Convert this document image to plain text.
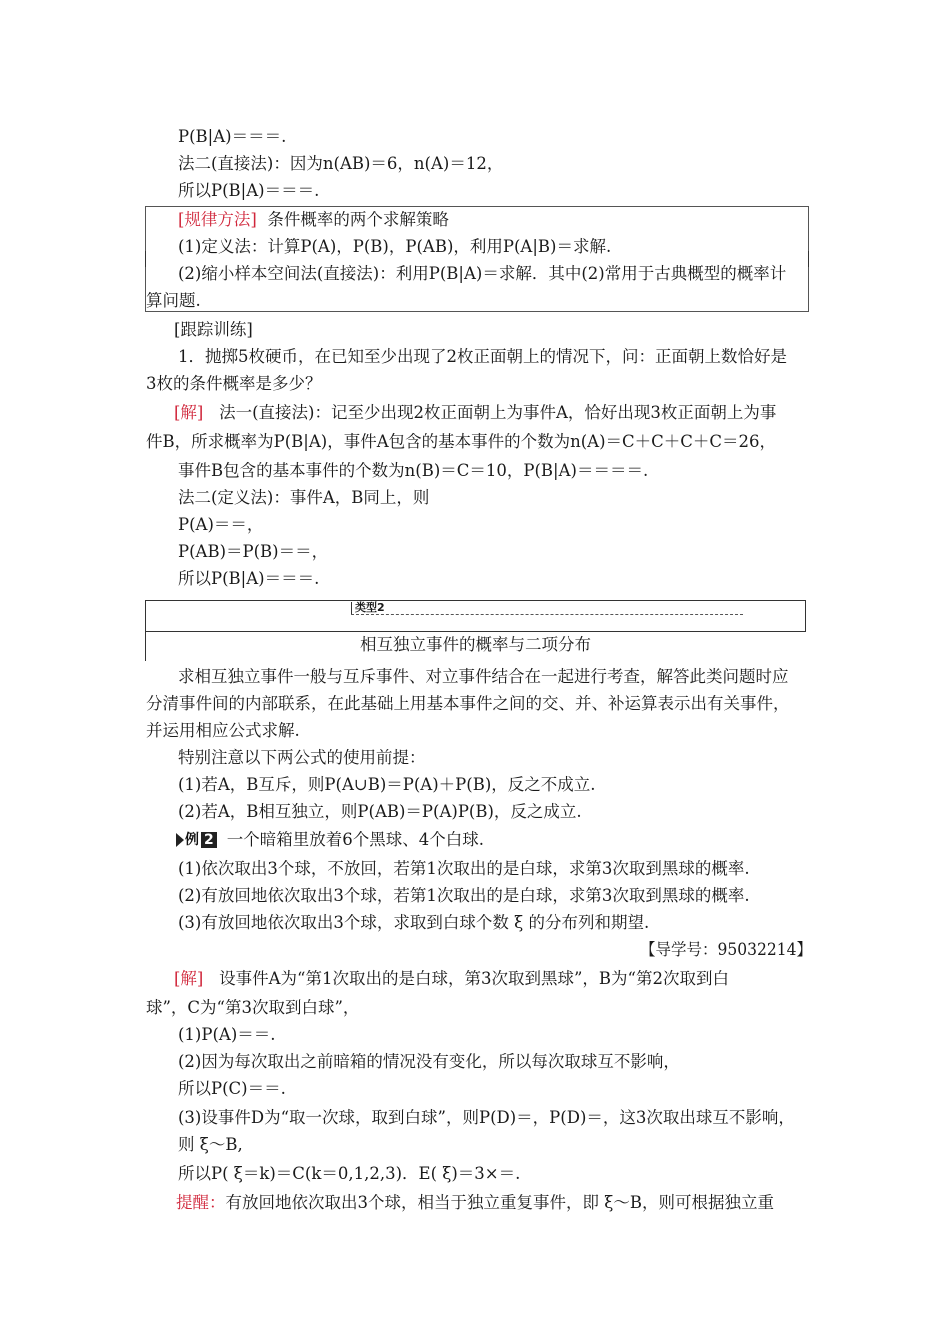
P(B|A)＝＝＝.
法二(直接法)：因为n(AB)＝6，n(A)＝12，
所以P(B|A)＝＝＝.
[规律方法] 条件概率的两个求解策略
(1)定义法：计算P(A)，P(B)，P(AB)，利用P(A|B)＝求解.
(2)缩小样本空间法(直接法)：利用P(B|A)＝求解．其中(2)常用于古典概型的概率计
算问题.
[跟踪训练]
1．抛掷5枚硬币，在已知至少出现了2枚正面朝上的情况下，问：正面朝上数恰好是
3枚的条件概率是多少？
[解] 法一(直接法)：记至少出现2枚正面朝上为事件A，恰好出现3枚正面朝上为事
件B，所求概率为P(B|A)，事件A包含的基本事件的个数为n(A)＝C＋C＋C＋C＝26，
事件B包含的基本事件的个数为n(B)＝C＝10，P(B|A)＝＝＝＝.
法二(定义法)：事件A，B同上，则
P(A)＝＝，
P(AB)＝P(B)＝＝，
所以P(B|A)＝＝＝.
类型2
相互独立事件的概率与二项分布
求相互独立事件一般与互斥事件、对立事件结合在一起进行考查，解答此类问题时应
分清事件间的内部联系，在此基础上用基本事件之间的交、并、补运算表示出有关事件，
并运用相应公式求解.
特别注意以下两公式的使用前提：
(1)若A，B互斥，则P(A∪B)＝P(A)＋P(B)，反之不成立.
(2)若A，B相互独立，则P(AB)＝P(A)P(B)，反之成立.
例 2 一个暗箱里放着6个黑球、4个白球.
(1)依次取出3个球，不放回，若第1次取出的是白球，求第3次取到黑球的概率.
(2)有放回地依次取出3个球，若第1次取出的是白球，求第3次取到黑球的概率.
(3)有放回地依次取出3个球，求取到白球个数 ξ 的分布列和期望.
【导学号：95032214】
[解] 设事件A为“第1次取出的是白球，第3次取到黑球”，B为“第2次取到白
球”，C为“第3次取到白球”，
(1)P(A)＝＝.
(2)因为每次取出之前暗箱的情况没有变化，所以每次取球互不影响，
所以P(C)＝＝.
(3)设事件D为“取一次球，取到白球”，则P(D)＝，P(D)＝，这3次取出球互不影响，
则 ξ～B,
所以P( ξ＝k)＝C(k＝0,1,2,3)．E( ξ)＝3×＝.
提醒：有放回地依次取出3个球，相当于独立重复事件，即 ξ～B，则可根据独立重
